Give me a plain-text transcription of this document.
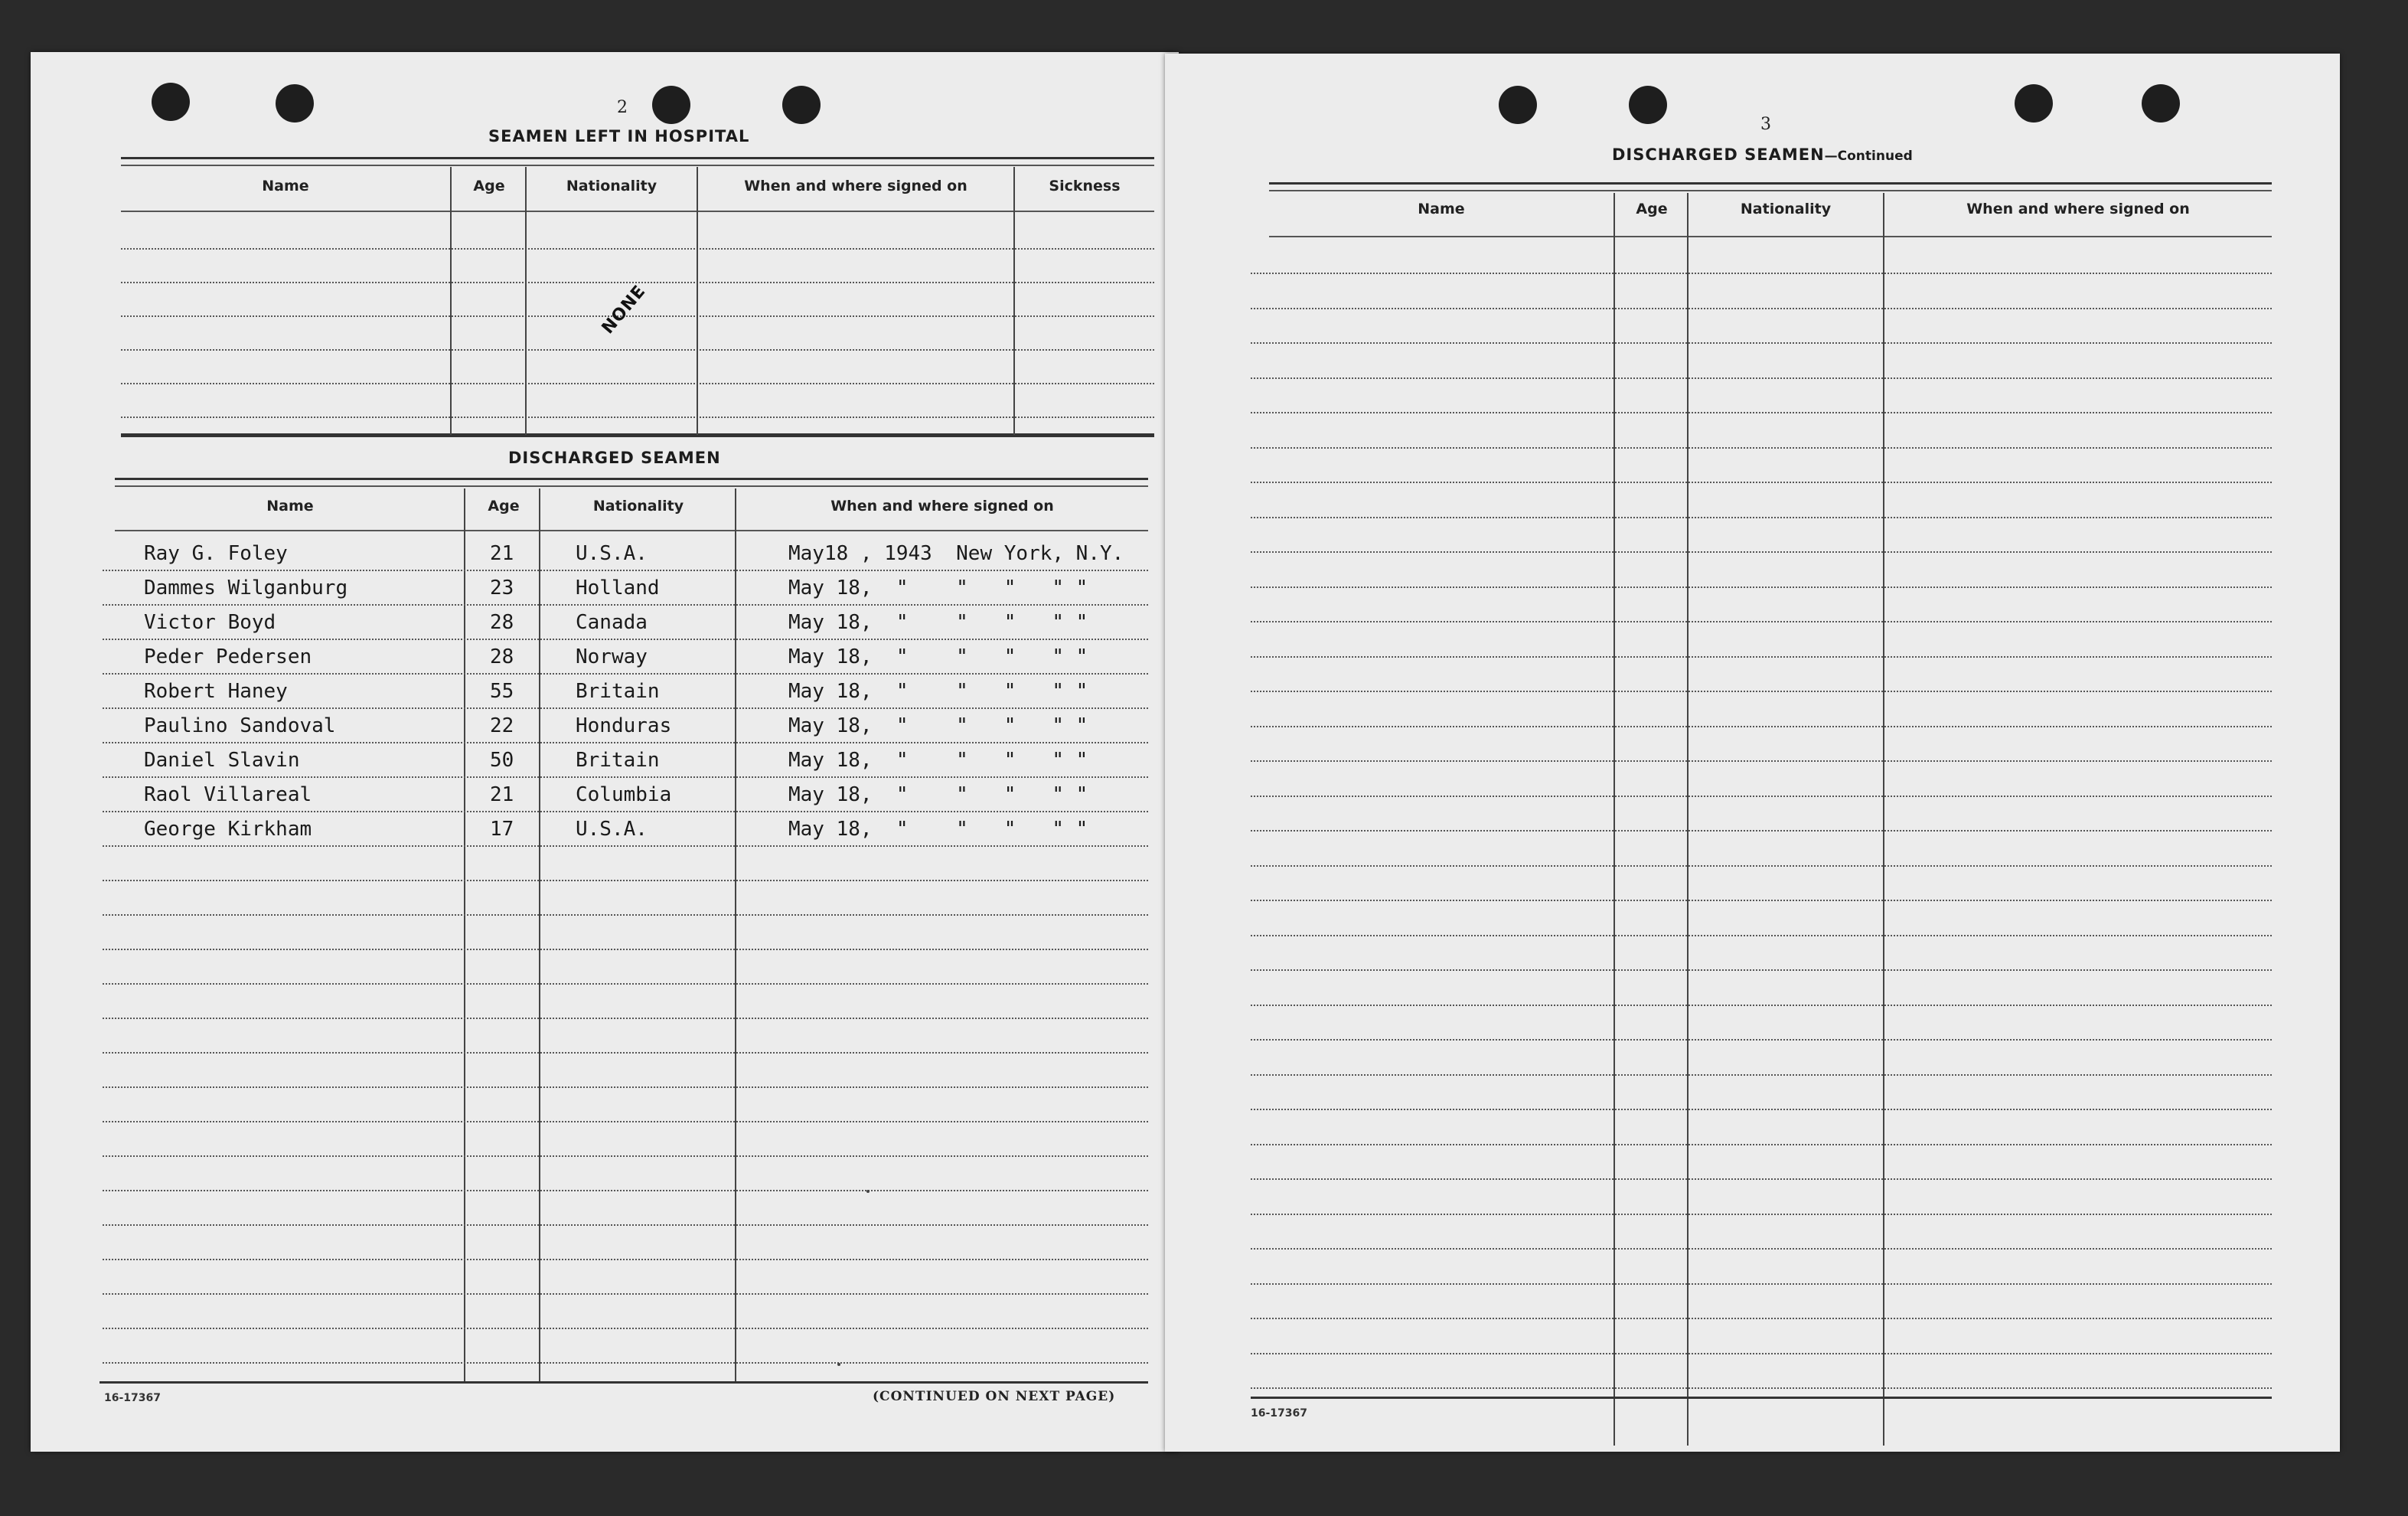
2
SEAMEN LEFT IN HOSPITAL
Name	Age	Nationality	When and where signed on	Sickness
NONE
DISCHARGED SEAMEN
Name	Age	Nationality	When and where signed on
Ray G. Foley	21	U.S.A.	May18 , 1943  New York, N.Y.
Dammes Wilganburg	23	Holland	May 18,  "    "   "   " "
Victor Boyd	28	Canada	May 18,  "    "   "   " "
Peder Pedersen	28	Norway	May 18,  "    "   "   " "
Robert Haney	55	Britain	May 18,  "    "   "   " "
Paulino Sandoval	22	Honduras	May 18,  "    "   "   " "
Daniel Slavin	50	Britain	May 18,  "    "   "   " "
Raol Villareal	21	Columbia	May 18,  "    "   "   " "
George Kirkham	17	U.S.A.	May 18,  "    "   "   " "
16-17367	(CONTINUED ON NEXT PAGE)
3
DISCHARGED SEAMEN—Continued
Name	Age	Nationality	When and where signed on
16-17367
